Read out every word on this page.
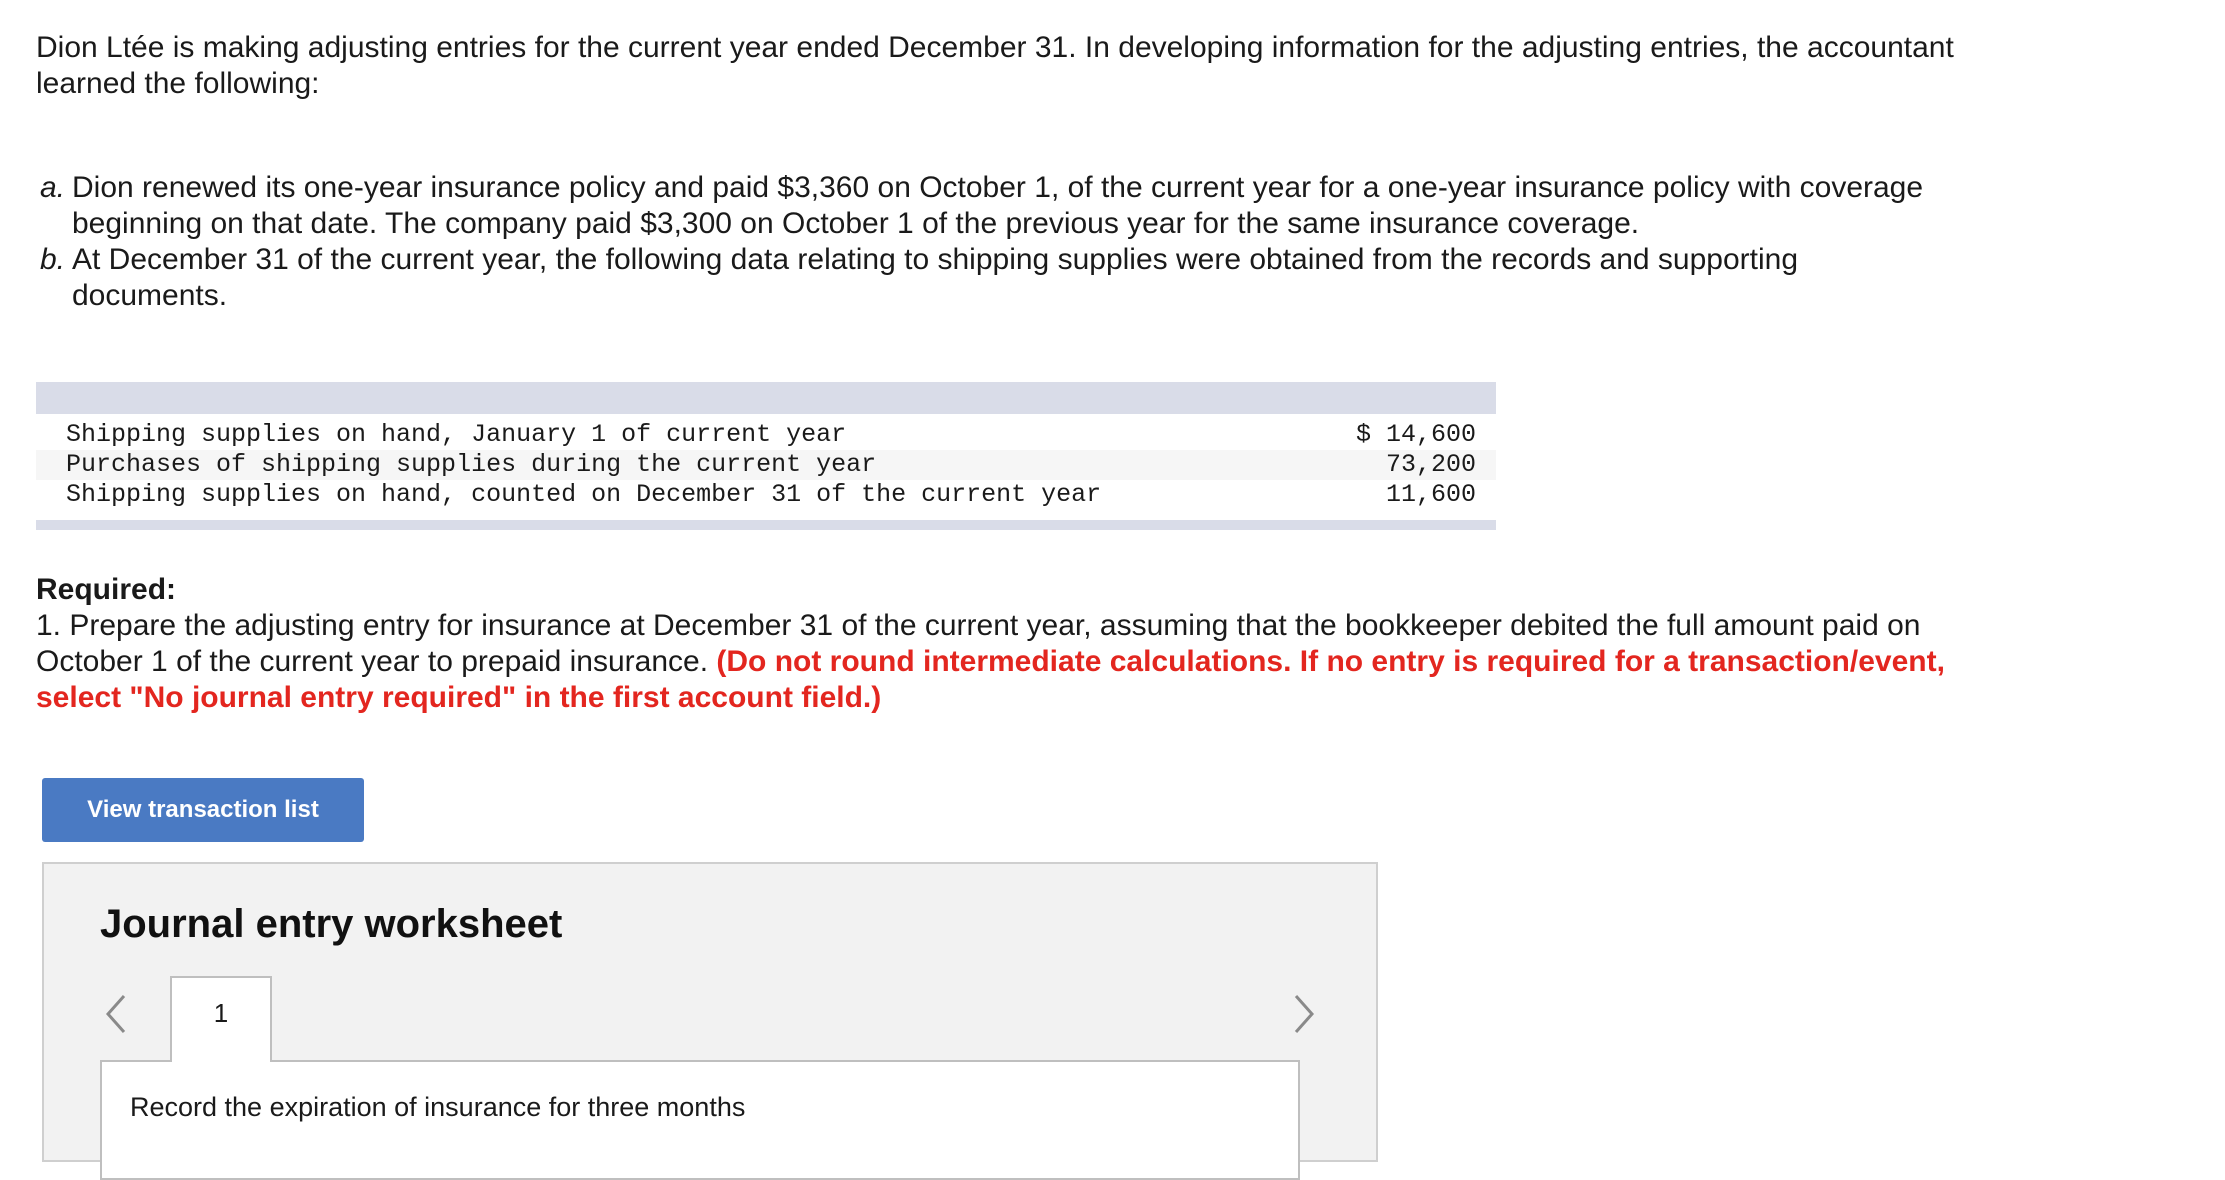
Dion Ltée is making adjusting entries for the current year ended December 31. In developing information for the adjusting entries, the accountant learned the following:

a. Dion renewed its one-year insurance policy and paid $3,360 on October 1, of the current year for a one-year insurance policy with coverage beginning on that date. The company paid $3,300 on October 1 of the previous year for the same insurance coverage.
b. At December 31 of the current year, the following data relating to shipping supplies were obtained from the records and supporting documents.
Shipping supplies on hand, January 1 of current year	$ 14,600
Purchases of shipping supplies during the current year	73,200
Shipping supplies on hand, counted on December 31 of the current year	11,600
Required:
1. Prepare the adjusting entry for insurance at December 31 of the current year, assuming that the bookkeeper debited the full amount paid on October 1 of the current year to prepaid insurance. (Do not round intermediate calculations. If no entry is required for a transaction/event, select "No journal entry required" in the first account field.)
View transaction list
Journal entry worksheet
1
Record the expiration of insurance for three months
